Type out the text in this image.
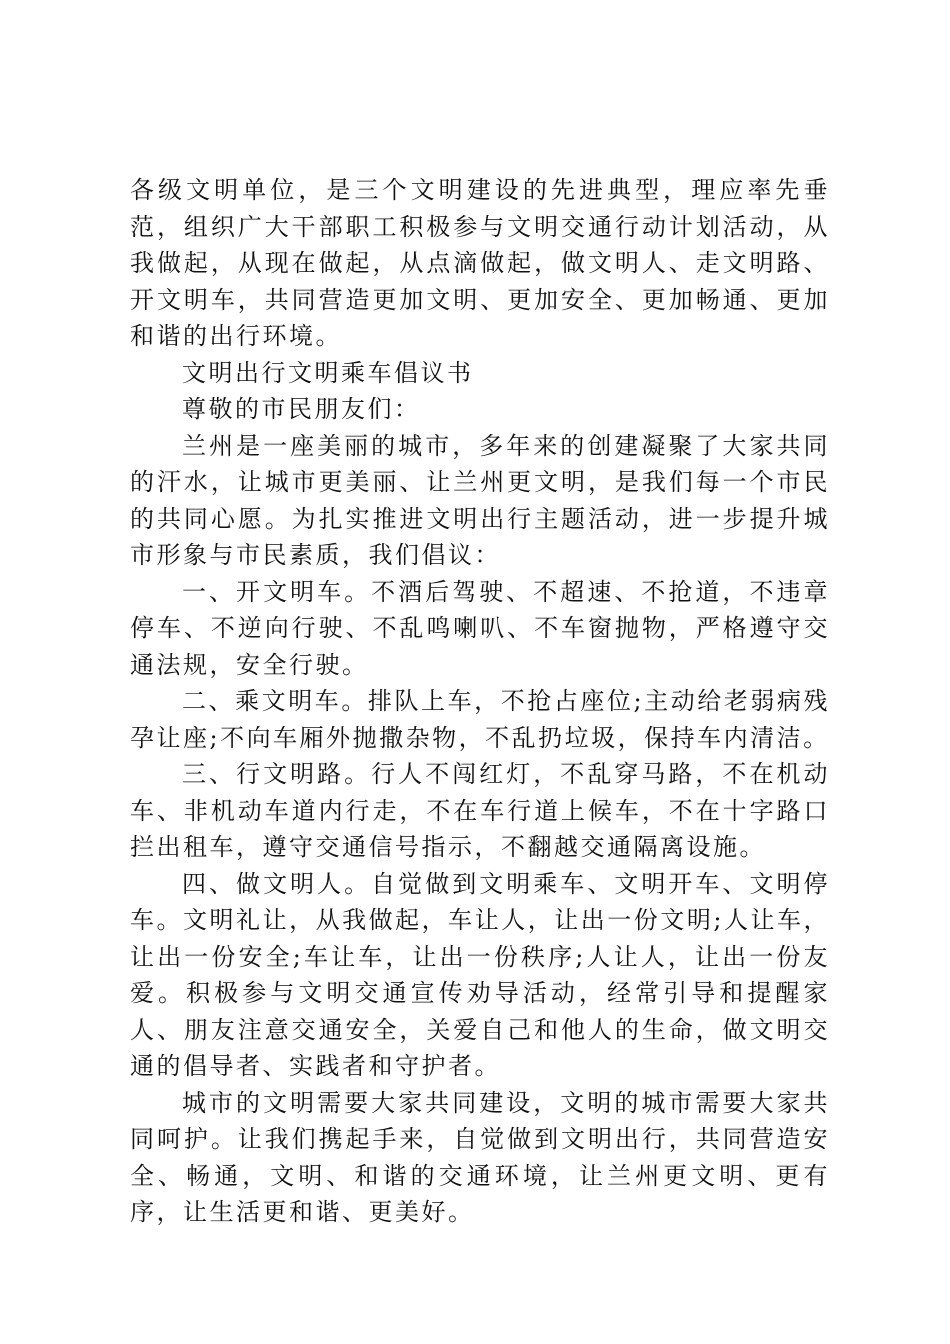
各级文明单位，是三个文明建设的先进典型，理应率先垂范，组织广大干部职工积极参与文明交通行动计划活动，从我做起，从现在做起，从点滴做起，做文明人、走文明路、开文明车，共同营造更加文明、更加安全、更加畅通、更加和谐的出行环境。

文明出行文明乘车倡议书

尊敬的市民朋友们：

兰州是一座美丽的城市，多年来的创建凝聚了大家共同的汗水，让城市更美丽、让兰州更文明，是我们每一个市民的共同心愿。为扎实推进文明出行主题活动，进一步提升城市形象与市民素质，我们倡议：

一、开文明车。不酒后驾驶、不超速、不抢道，不违章停车、不逆向行驶、不乱鸣喇叭、不车窗抛物，严格遵守交通法规，安全行驶。

二、乘文明车。排队上车，不抢占座位;主动给老弱病残孕让座;不向车厢外抛撒杂物，不乱扔垃圾，保持车内清洁。

三、行文明路。行人不闯红灯，不乱穿马路，不在机动车、非机动车道内行走，不在车行道上候车，不在十字路口拦出租车，遵守交通信号指示，不翻越交通隔离设施。

四、做文明人。自觉做到文明乘车、文明开车、文明停车。文明礼让，从我做起，车让人，让出一份文明;人让车，让出一份安全;车让车，让出一份秩序;人让人，让出一份友爱。积极参与文明交通宣传劝导活动，经常引导和提醒家人、朋友注意交通安全，关爱自己和他人的生命，做文明交通的倡导者、实践者和守护者。

城市的文明需要大家共同建设，文明的城市需要大家共同呵护。让我们携起手来，自觉做到文明出行，共同营造安全、畅通，文明、和谐的交通环境，让兰州更文明、更有序，让生活更和谐、更美好。
